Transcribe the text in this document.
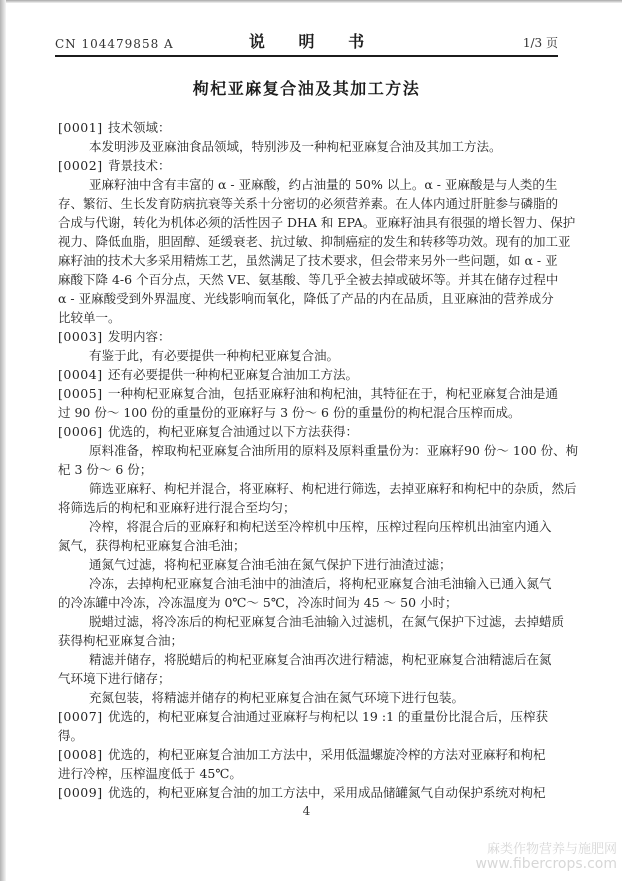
CN 104479858 A	说 明 书	1/3 页
枸杞亚麻复合油及其加工方法
[0001] 技术领域：
本发明涉及亚麻油食品领域，特别涉及一种枸杞亚麻复合油及其加工方法。
[0002] 背景技术：
亚麻籽油中含有丰富的 α - 亚麻酸，约占油量的 50% 以上。α - 亚麻酸是与人类的生
存、繁衍、生长发育防病抗衰等关系十分密切的必须营养素。在人体内通过肝脏参与磷脂的
合成与代谢，转化为机体必须的活性因子 DHA 和 EPA。亚麻籽油具有很强的增长智力、保护
视力、降低血脂，胆固醇、延缓衰老、抗过敏、抑制癌症的发生和转移等功效。现有的加工亚
麻籽油的技术大多采用精炼工艺，虽然满足了技术要求，但会带来另外一些问题，如 α - 亚
麻酸下降 4-6 个百分点，天然 VE、氨基酸、等几乎全被去掉或破坏等。并其在储存过程中
α - 亚麻酸受到外界温度、光线影响而氧化，降低了产品的内在品质，且亚麻油的营养成分
比较单一。
[0003] 发明内容：
有鉴于此，有必要提供一种枸杞亚麻复合油。
[0004] 还有必要提供一种枸杞亚麻复合油加工方法。
[0005] 一种枸杞亚麻复合油，包括亚麻籽油和枸杞油，其特征在于，枸杞亚麻复合油是通
过 90 份～ 100 份的重量份的亚麻籽与 3 份～ 6 份的重量份的枸杞混合压榨而成。
[0006] 优选的，枸杞亚麻复合油通过以下方法获得：
原料准备，榨取枸杞亚麻复合油所用的原料及原料重量份为：亚麻籽90 份～ 100 份、枸
杞 3 份～ 6 份；
筛选亚麻籽、枸杞并混合，将亚麻籽、枸杞进行筛选，去掉亚麻籽和枸杞中的杂质，然后
将筛选后的枸杞和亚麻籽进行混合至均匀；
冷榨，将混合后的亚麻籽和枸杞送至冷榨机中压榨，压榨过程向压榨机出油室内通入
氮气，获得枸杞亚麻复合油毛油；
通氮气过滤，将枸杞亚麻复合油毛油在氮气保护下进行油渣过滤；
冷冻，去掉枸杞亚麻复合油毛油中的油渣后，将枸杞亚麻复合油毛油输入已通入氮气
的冷冻罐中冷冻，冷冻温度为 0℃～ 5℃，冷冻时间为 45 ～ 50 小时；
脱蜡过滤，将冷冻后的枸杞亚麻复合油毛油输入过滤机，在氮气保护下过滤，去掉蜡质
获得枸杞亚麻复合油；
精滤并储存，将脱蜡后的枸杞亚麻复合油再次进行精滤，枸杞亚麻复合油精滤后在氮
气环境下进行储存；
充氮包装，将精滤并储存的枸杞亚麻复合油在氮气环境下进行包装。
[0007] 优选的，枸杞亚麻复合油通过亚麻籽与枸杞以 19 :1 的重量份比混合后，压榨获
得。
[0008] 优选的，枸杞亚麻复合油加工方法中，采用低温螺旋冷榨的方法对亚麻籽和枸杞
进行冷榨，压榨温度低于 45℃。
[0009] 优选的，枸杞亚麻复合油的加工方法中，采用成品储罐氮气自动保护系统对枸杞
4
麻类作物营养与施肥网
www.fibercrops.com
